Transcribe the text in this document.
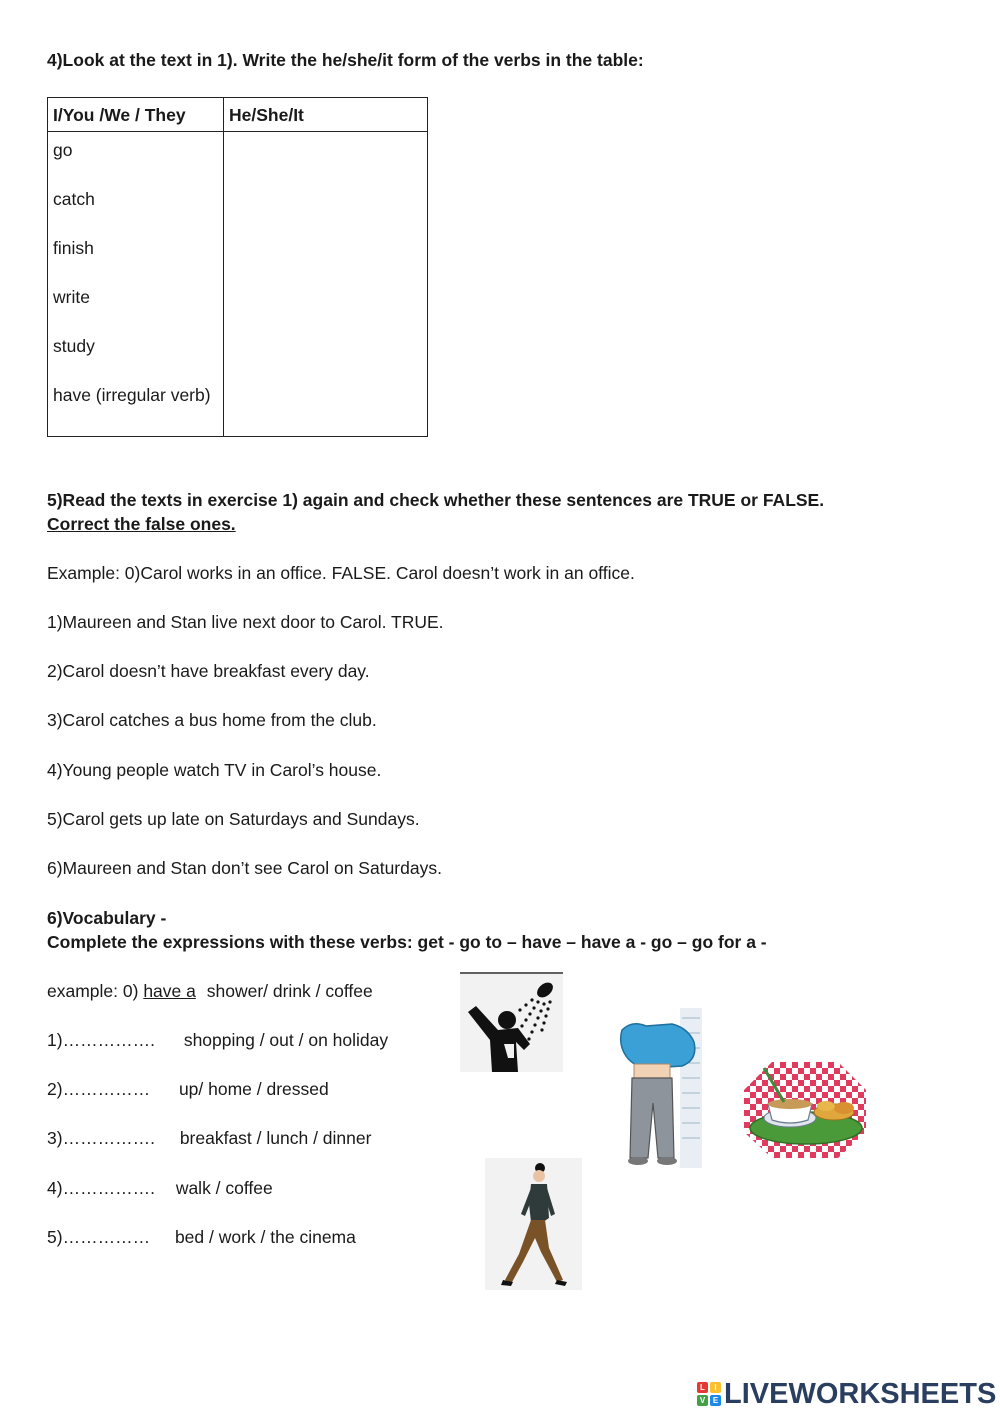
4)Look at the text in 1). Write the he/she/it form of the verbs in the table:
I/You /We / They He/She/It
go
catch
finish
write
study
have (irregular verb)
5)Read the texts in exercise 1) again and check whether these sentences are TRUE or FALSE.
Correct the false ones.
Example: 0)Carol works in an office. FALSE. Carol doesn’t work in an office.
1)Maureen and Stan live next door to Carol. TRUE.
2)Carol doesn’t have breakfast every day.
3)Carol catches a bus home from the club.
4)Young people watch TV in Carol’s house.
5)Carol gets up late on Saturdays and Sundays.
6)Maureen and Stan don’t see Carol on Saturdays.
6)Vocabulary -
Complete the expressions with these verbs: get - go to – have – have a - go – go for a -
example: 0) have a shower/ drink / coffee
1)……………. shopping / out / on holiday
2)…………… up/ home / dressed
3)……………. breakfast / lunch / dinner
4)……………. walk / coffee
5)…………… bed / work / the cinema
L	I
V E LIVEWORKSHEETS
